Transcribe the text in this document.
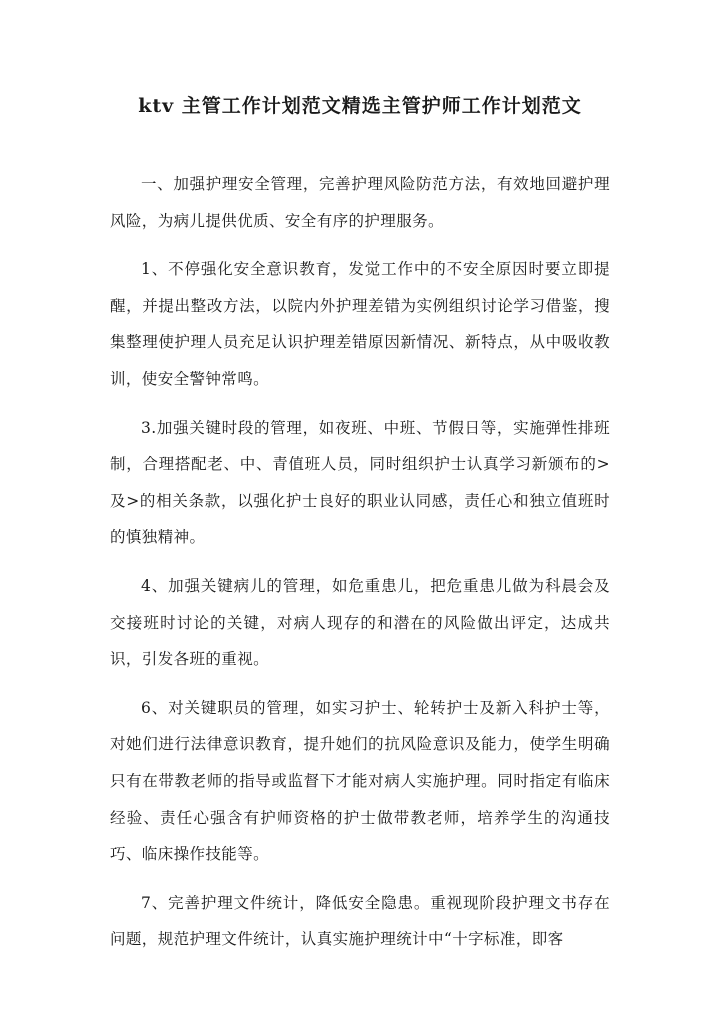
ktv 主管工作计划范文精选主管护师工作计划范文

一、加强护理安全管理，完善护理风险防范方法，有效地回避护理风险，为病儿提供优质、安全有序的护理服务。

1、不停强化安全意识教育，发觉工作中的不安全原因时要立即提醒，并提出整改方法，以院内外护理差错为实例组织讨论学习借鉴，搜集整理使护理人员充足认识护理差错原因新情况、新特点，从中吸收教训，使安全警钟常鸣。

3.加强关键时段的管理，如夜班、中班、节假日等，实施弹性排班制，合理搭配老、中、青值班人员，同时组织护士认真学习新颁布的>及>的相关条款，以强化护士良好的职业认同感，责任心和独立值班时的慎独精神。

4、加强关键病儿的管理，如危重患儿，把危重患儿做为科晨会及交接班时讨论的关键，对病人现存的和潜在的风险做出评定，达成共识，引发各班的重视。

6、对关键职员的管理，如实习护士、轮转护士及新入科护士等，对她们进行法律意识教育，提升她们的抗风险意识及能力，使学生明确只有在带教老师的指导或监督下才能对病人实施护理。同时指定有临床经验、责任心强含有护师资格的护士做带教老师，培养学生的沟通技巧、临床操作技能等。

7、完善护理文件统计，降低安全隐患。重视现阶段护理文书存在问题，规范护理文件统计，认真实施护理统计中“十字标准，即客
